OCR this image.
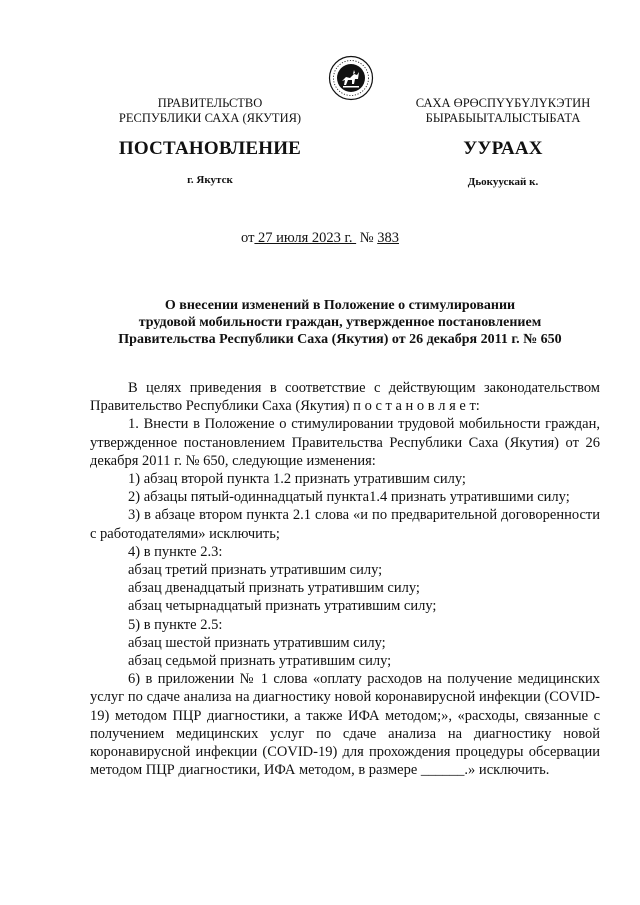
ПРАВИТЕЛЬСТВО
РЕСПУБЛИКИ САХА (ЯКУТИЯ)
САХА ӨРӨСПҮҮБҮЛҮКЭТИН
БЫРАБЫЫТАЛЫСТЫБАТА
ПОСТАНОВЛЕНИЕ	УУРААХ
г. Якутск	Дьокуускай к.
от 27 июля 2023 г. № 383
О внесении изменений в Положение о стимулировании
трудовой мобильности граждан, утвержденное постановлением
Правительства Республики Саха (Якутия) от 26 декабря 2011 г. № 650

В целях приведения в соответствие с действующим законодательством Правительство Республики Саха (Якутия) п о с т а н о в л я е т:

1. Внести в Положение о стимулировании трудовой мобильности граждан, утвержденное постановлением Правительства Республики Саха (Якутия) от 26 декабря 2011 г. № 650, следующие изменения:

1) абзац второй пункта 1.2 признать утратившим силу;

2) абзацы пятый-одиннадцатый пункта1.4 признать утратившими силу;

3) в абзаце втором пункта 2.1 слова «и по предварительной договоренности с работодателями» исключить;

4) в пункте 2.3:

абзац третий признать утратившим силу;

абзац двенадцатый признать утратившим силу;

абзац четырнадцатый признать утратившим силу;

5) в пункте 2.5:

абзац шестой признать утратившим силу;

абзац седьмой признать утратившим силу;

6) в приложении № 1 слова «оплату расходов на получение медицинских услуг по сдаче анализа на диагностику новой коронавирусной инфекции (COVID-19) методом ПЦР диагностики, а также ИФА методом;», «расходы, связанные с получением медицинских услуг по сдаче анализа на диагностику новой коронавирусной инфекции (COVID-19) для прохождения процедуры обсервации методом ПЦР диагностики, ИФА методом, в размере ______.» исключить.
